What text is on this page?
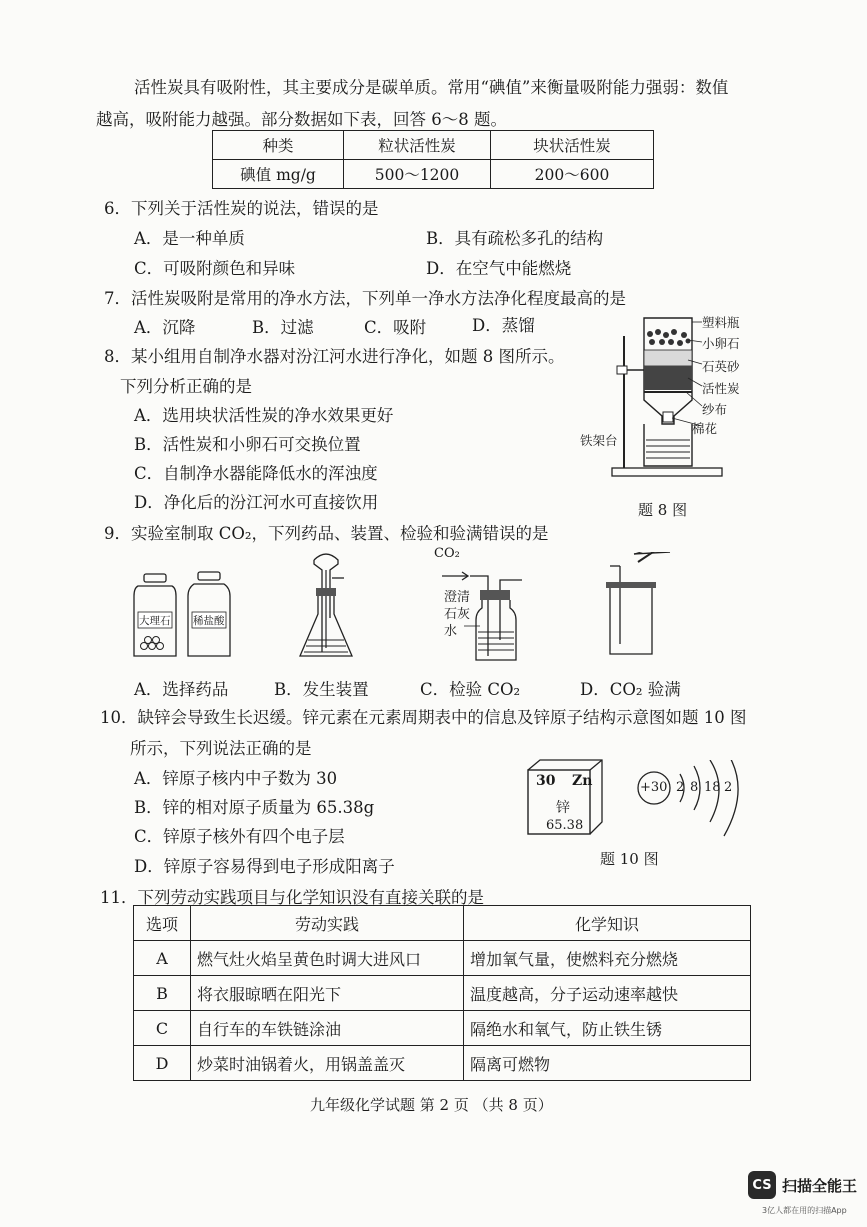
活性炭具有吸附性，其主要成分是碳单质。常用“碘值”来衡量吸附能力强弱：数值
越高，吸附能力越强。部分数据如下表，回答 6～8 题。
种类	粒状活性炭	块状活性炭
碘值 mg/g	500～1200	200～600
6．下列关于活性炭的说法，错误的是
A．是一种单质	B．具有疏松多孔的结构
C．可吸附颜色和异味	D．在空气中能燃烧
7．活性炭吸附是常用的净水方法，下列单一净水方法净化程度最高的是
A．沉降	B．过滤	C．吸附	D．蒸馏
8．某小组用自制净水器对汾江河水进行净化，如题 8 图所示。
下列分析正确的是
A．选用块状活性炭的净水效果更好
B．活性炭和小卵石可交换位置
C．自制净水器能降低水的浑浊度
D．净化后的汾江河水可直接饮用
塑料瓶
小卵石
石英砂
活性炭
纱布
棉花
铁架台
题 8 图
9．实验室制取 CO₂，下列药品、装置、检验和验满错误的是
大理石 稀盐酸
CO₂
澄清
石灰
水
A．选择药品	B．发生装置	C．检验 CO₂	D．CO₂ 验满
10．缺锌会导致生长迟缓。锌元素在元素周期表中的信息及锌原子结构示意图如题 10 图
所示，下列说法正确的是
A．锌原子核内中子数为 30
B．锌的相对原子质量为 65.38g
C．锌原子核外有四个电子层
D．锌原子容易得到电子形成阳离子
30 Zn
锌
65.38
+30 2 8 18 2
题 10 图
11．下列劳动实践项目与化学知识没有直接关联的是
选项	劳动实践	化学知识
A	燃气灶火焰呈黄色时调大进风口	增加氧气量，使燃料充分燃烧
B	将衣服晾晒在阳光下	温度越高，分子运动速率越快
C	自行车的车铁链涂油	隔绝水和氧气，防止铁生锈
D	炒菜时油锅着火，用锅盖盖灭	隔离可燃物
九年级化学试题 第 2 页 （共 8 页）
CS 扫描全能王
3亿人都在用的扫描App
